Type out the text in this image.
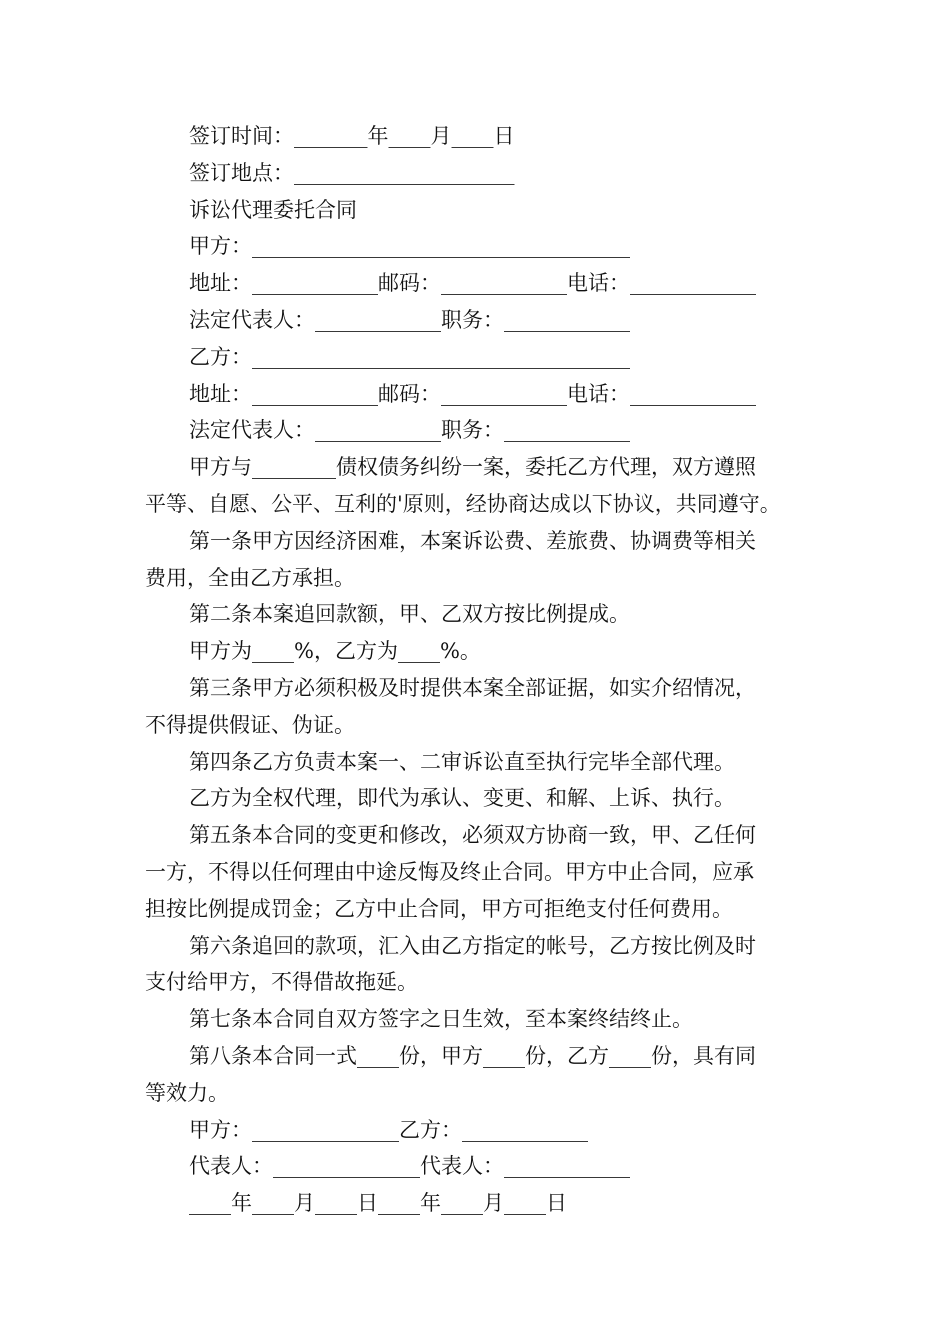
签订时间：_______年____月____日
签订地点：_____________________
诉讼代理委托合同
甲方：____________________________________
地址：____________邮码：____________电话：____________
法定代表人：____________职务：____________
乙方：____________________________________
地址：____________邮码：____________电话：____________
法定代表人：____________职务：____________
甲方与________债权债务纠纷一案，委托乙方代理，双方遵照
平等、自愿、公平、互利的'原则，经协商达成以下协议，共同遵守。
第一条甲方因经济困难，本案诉讼费、差旅费、协调费等相关
费用，全由乙方承担。
第二条本案追回款额，甲、乙双方按比例提成。
甲方为____%，乙方为____%。
第三条甲方必须积极及时提供本案全部证据，如实介绍情况，
不得提供假证、伪证。
第四条乙方负责本案一、二审诉讼直至执行完毕全部代理。
乙方为全权代理，即代为承认、变更、和解、上诉、执行。
第五条本合同的变更和修改，必须双方协商一致，甲、乙任何
一方，不得以任何理由中途反悔及终止合同。甲方中止合同，应承
担按比例提成罚金；乙方中止合同，甲方可拒绝支付任何费用。
第六条追回的款项，汇入由乙方指定的帐号，乙方按比例及时
支付给甲方，不得借故拖延。
第七条本合同自双方签字之日生效，至本案终结终止。
第八条本合同一式____份，甲方____份，乙方____份，具有同
等效力。
甲方：______________乙方：____________
代表人：______________代表人：____________
____年____月____日____年____月____日
